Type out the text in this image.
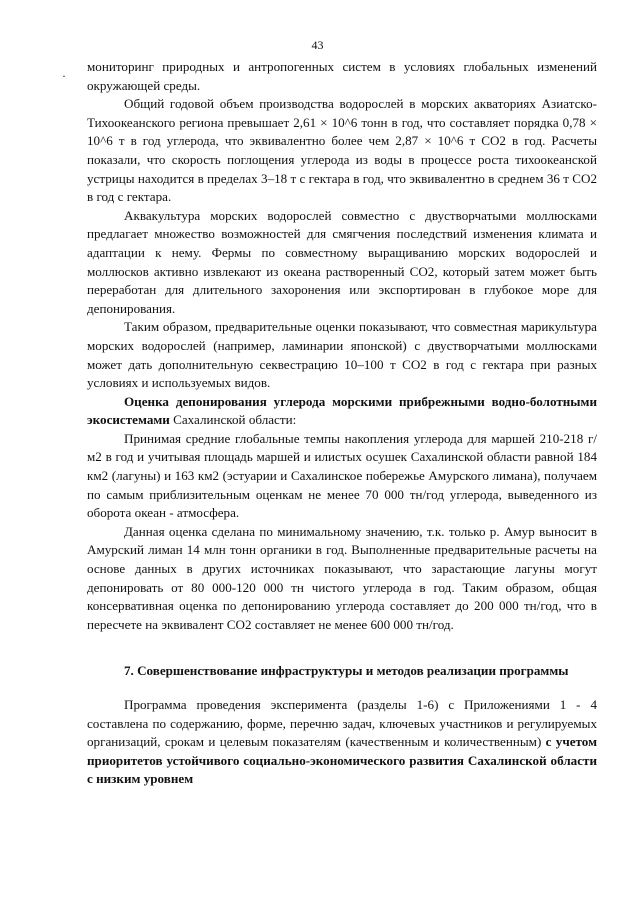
43
·

мониторинг природных и антропогенных систем в условиях глобальных изменений окружающей среды.

Общий годовой объем производства водорослей в морских акваториях Азиатско-Тихоокеанского региона превышает 2,61 × 10^6 тонн в год, что составляет порядка 0,78 × 10^6 т в год углерода, что эквивалентно более чем 2,87 × 10^6 т CO2 в год. Расчеты показали, что скорость поглощения углерода из воды в процессе роста тихоокеанской устрицы находится в пределах 3–18 т с гектара в год, что эквивалентно в среднем 36 т CO2 в год с гектара.

Аквакультура морских водорослей совместно с двустворчатыми моллюсками предлагает множество возможностей для смягчения последствий изменения климата и адаптации к нему. Фермы по совместному выращиванию морских водорослей и моллюсков активно извлекают из океана растворенный CO2, который затем может быть переработан для длительного захоронения или экспортирован в глубокое море для депонирования.

Таким образом, предварительные оценки показывают, что совместная марикультура морских водорослей (например, ламинарии японской) с двустворчатыми моллюсками может дать дополнительную секвестрацию 10–100 т CO2 в год с гектара при разных условиях и используемых видов.

Оценка депонирования углерода морскими прибрежными водно-болотными экосистемами Сахалинской области:

Принимая средние глобальные темпы накопления углерода для маршей 210-218 г/м2 в год и учитывая площадь маршей и илистых осушек Сахалинской области равной 184 км2 (лагуны) и 163 км2 (эстуарии и Сахалинское побережье Амурского лимана), получаем по самым приблизительным оценкам не менее 70 000 тн/год углерода, выведенного из оборота океан - атмосфера.

Данная оценка сделана по минимальному значению, т.к. только р. Амур выносит в Амурский лиман 14 млн тонн органики в год. Выполненные предварительные расчеты на основе данных в других источниках показывают, что зарастающие лагуны могут депонировать от 80 000-120 000 тн чистого углерода в год. Таким образом, общая консервативная оценка по депонированию углерода составляет до 200 000 тн/год, что в пересчете на эквивалент CO2 составляет не менее 600 000 тн/год.

7. Совершенствование инфраструктуры и методов реализации программы

Программа проведения эксперимента (разделы 1-6) с Приложениями 1 - 4 составлена по содержанию, форме, перечню задач, ключевых участников и регулируемых организаций, срокам и целевым показателям (качественным и количественным) с учетом приоритетов устойчивого социально-экономического развития Сахалинской области с низким уровнем
